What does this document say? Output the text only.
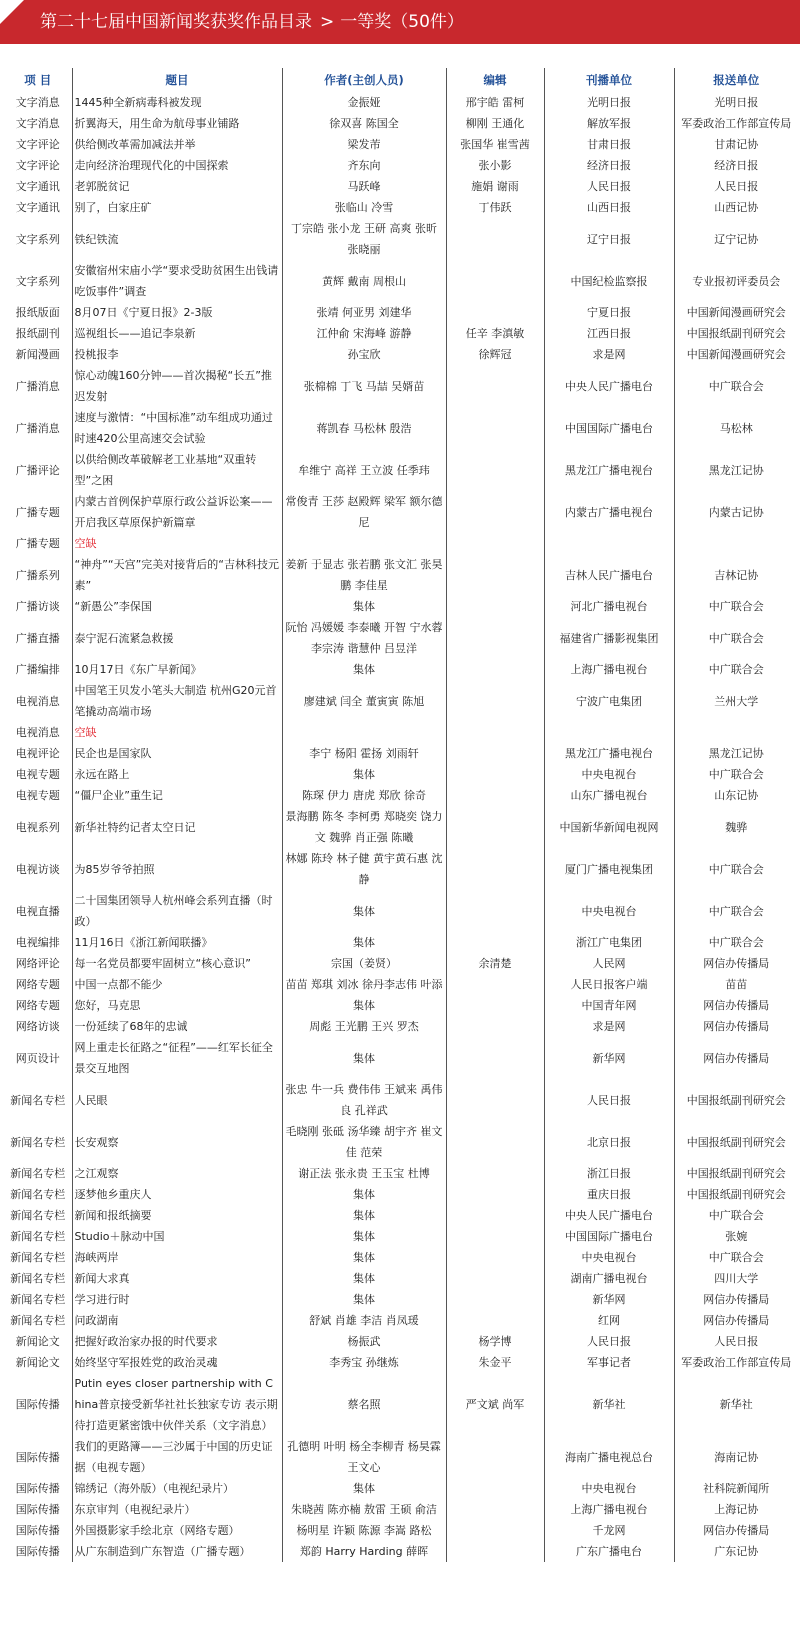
第二十七届中国新闻奖获奖作品目录 > 一等奖（50件）
项 目	题目	作者(主创人员)	编辑	刊播单位	报送单位
文字消息	1445种全新病毒科被发现	金振娅	邢宇皓 雷柯	光明日报	光明日报
文字消息	折翼海天，用生命为航母事业铺路	徐双喜 陈国全	柳刚 王通化	解放军报	军委政治工作部宣传局
文字评论	供给侧改革需加减法并举	梁发芾	张国华 崔雪茜	甘肃日报	甘肃记协
文字评论	走向经济治理现代化的中国探索	齐东向	张小影	经济日报	经济日报
文字通讯	老郭脱贫记	马跃峰	施娟 谢雨	人民日报	人民日报
文字通讯	别了，白家庄矿	张临山 冷雪	丁伟跃	山西日报	山西记协
文字系列	铁纪铁流	丁宗皓 张小龙 王研 高爽 张昕 张晓丽		辽宁日报	辽宁记协
文字系列	安徽宿州宋庙小学“要求受助贫困生出钱请吃饭事件”调查	黄辉 戴南 周根山		中国纪检监察报	专业报初评委员会
报纸版面	8月07日《宁夏日报》2-3版	张靖 何亚男 刘建华		宁夏日报	中国新闻漫画研究会
报纸副刊	巡视组长——追记李泉新	江仲俞 宋海峰 游静	任辛 李滇敏	江西日报	中国报纸副刊研究会
新闻漫画	投桃报李	孙宝欣	徐辉冠	求是网	中国新闻漫画研究会
广播消息	惊心动魄160分钟——首次揭秘“长五”推迟发射	张棉棉 丁飞 马喆 吴婿苗		中央人民广播电台	中广联合会
广播消息	速度与激情：“中国标准”动车组成功通过时速420公里高速交会试验	蒋凯春 马松林 殷浩		中国国际广播电台	马松林
广播评论	以供给侧改革破解老工业基地“双重转型”之困	牟维宁 高祥 王立波 任季玮		黑龙江广播电视台	黑龙江记协
广播专题	内蒙古首例保护草原行政公益诉讼案——开启我区草原保护新篇章	常俊青 王莎 赵殿辉 梁军 额尔德尼		内蒙古广播电视台	内蒙古记协
广播专题	空缺				
广播系列	“神舟”“天宫”完美对接背后的“吉林科技元素”	姜新 于显志 张若鹏 张文汇 张昊鹏 李佳星		吉林人民广播电台	吉林记协
广播访谈	“新愚公”李保国	集体		河北广播电视台	中广联合会
广播直播	泰宁泥石流紧急救援	阮怡 冯媛媛 李泰曦 开智 宁水蓉 李宗涛 谐慧仲 吕昱洋		福建省广播影视集团	中广联合会
广播编排	10月17日《东广早新闻》	集体		上海广播电视台	中广联合会
电视消息	中国笔王贝发小笔头大制造 杭州G20元首笔撬动高端市场	廖建斌 闫全 董寅寅 陈旭		宁波广电集团	兰州大学
电视消息	空缺				
电视评论	民企也是国家队	李宁 杨阳 霍扬 刘雨轩		黑龙江广播电视台	黑龙江记协
电视专题	永远在路上	集体		中央电视台	中广联合会
电视专题	“僵尸企业”重生记	陈琛 伊力 唐虎 郑欣 徐奇		山东广播电视台	山东记协
电视系列	新华社特约记者太空日记	景海鹏 陈冬 李柯勇 郑晓奕 饶力文 魏骅 肖正强 陈曦		中国新华新闻电视网	魏骅
电视访谈	为85岁爷爷拍照	林娜 陈玲 林子健 黄宇黄石惠 沈静		厦门广播电视集团	中广联合会
电视直播	二十国集团领导人杭州峰会系列直播（时政）	集体		中央电视台	中广联合会
电视编排	11月16日《浙江新闻联播》	集体		浙江广电集团	中广联合会
网络评论	每一名党员都要牢固树立“核心意识”	宗国（姜贤）	余清楚	人民网	网信办传播局
网络专题	中国一点都不能少	苗苗 郑琪 刘冰 徐丹李志伟 叶添		人民日报客户端	苗苗
网络专题	您好，马克思	集体		中国青年网	网信办传播局
网络访谈	一份延续了68年的忠诚	周彪 王光鹏 王兴 罗杰		求是网	网信办传播局
网页设计	网上重走长征路之“征程”——红军长征全景交互地图	集体		新华网	网信办传播局
新闻名专栏	人民眼	张忠 牛一兵 费伟伟 王斌来 禹伟良 孔祥武		人民日报	中国报纸副刊研究会
新闻名专栏	长安观察	毛晓刚 张砥 汤华臻 胡宇齐 崔文佳 范荣		北京日报	中国报纸副刊研究会
新闻名专栏	之江观察	谢正法 张永贵 王玉宝 杜博		浙江日报	中国报纸副刊研究会
新闻名专栏	逐梦他乡重庆人	集体		重庆日报	中国报纸副刊研究会
新闻名专栏	新闻和报纸摘要	集体		中央人民广播电台	中广联合会
新闻名专栏	Studio＋脉动中国	集体		中国国际广播电台	张婉
新闻名专栏	海峡两岸	集体		中央电视台	中广联合会
新闻名专栏	新闻大求真	集体		湖南广播电视台	四川大学
新闻名专栏	学习进行时	集体		新华网	网信办传播局
新闻名专栏	问政湖南	舒斌 肖雄 李洁 肖凤瑗		红网	网信办传播局
新闻论文	把握好政治家办报的时代要求	杨振武	杨学博	人民日报	人民日报
新闻论文	始终坚守军报姓党的政治灵魂	李秀宝 孙继炼	朱金平	军事记者	军委政治工作部宣传局
国际传播	Putin eyes closer partnership with China普京接受新华社社长独家专访 表示期待打造更紧密饿中伙伴关系（文字消息）	蔡名照	严文斌 尚军	新华社	新华社
国际传播	我们的更路簿——三沙属于中国的历史证据（电视专题）	孔德明 叶明 杨全李柳青 杨昊霖 王文心		海南广播电视总台	海南记协
国际传播	锦绣记（海外版）（电视纪录片）	集体		中央电视台	社科院新闻所
国际传播	东京审判（电视纪录片）	朱晓茜 陈亦楠 敖雷 王硕 俞洁		上海广播电视台	上海记协
国际传播	外国摄影家手绘北京（网络专题）	杨明星 许颖 陈源 李嵩 路松		千龙网	网信办传播局
国际传播	从广东制造到广东智造（广播专题）	郑韵 Harry Harding 薛晖		广东广播电台	广东记协
